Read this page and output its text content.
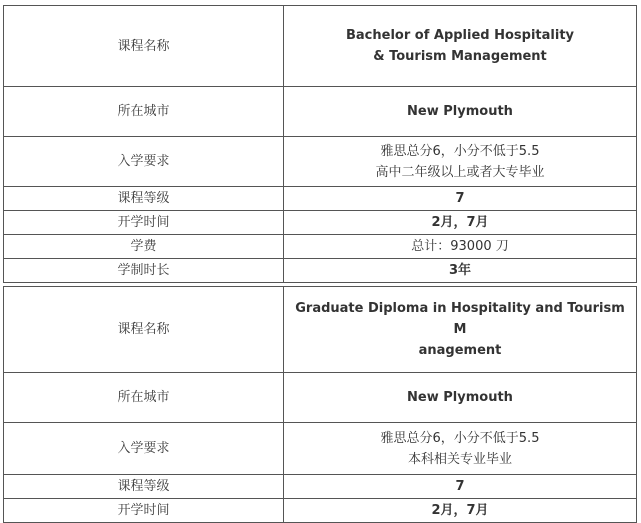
课程名称	Bachelor of Applied Hospitality
& Tourism Management

所在城市	New Plymouth
入学要求	雅思总分6，小分不低于5.5
高中二年级以上或者大专毕业

课程等级	7
开学时间	2月，7月
学费	总计：93000 刀
学制时长	3年
课程名称	Graduate Diploma in Hospitality and Tourism M
anagement

所在城市	New Plymouth
入学要求	雅思总分6，小分不低于5.5
本科相关专业毕业

课程等级	7
开学时间	2月，7月
